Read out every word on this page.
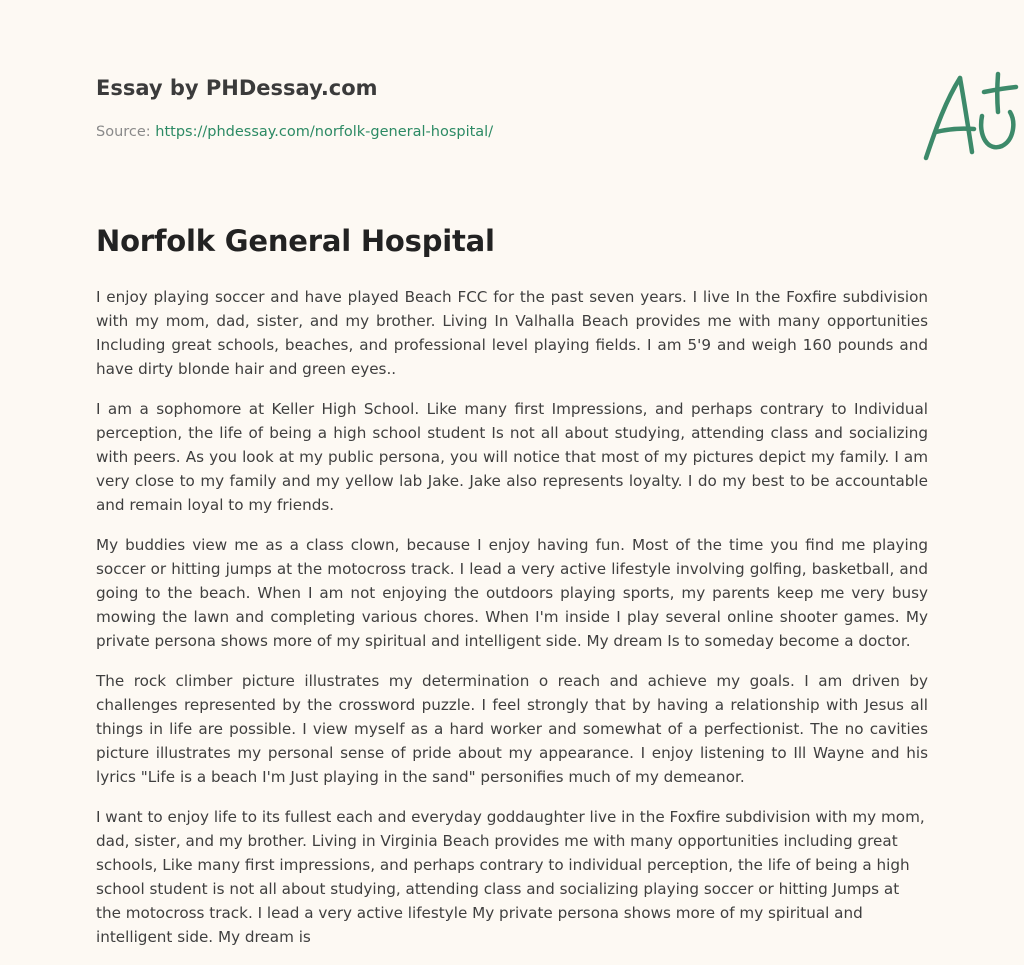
Essay by PHDessay.com
Source: https://phdessay.com/norfolk-general-hospital/
Norfolk General Hospital

I enjoy playing soccer and have played Beach FCC for the past seven years. I live In the Foxfire subdivision with my mom, dad, sister, and my brother. Living In Valhalla Beach provides me with many opportunities Including great schools, beaches, and professional level playing fields. I am 5'9 and weigh 160 pounds and have dirty blonde hair and green eyes..

I am a sophomore at Keller High School. Like many first Impressions, and perhaps contrary to Individual perception, the life of being a high school student Is not all about studying, attending class and socializing with peers. As you look at my public persona, you will notice that most of my pictures depict my family. I am very close to my family and my yellow lab Jake. Jake also represents loyalty. I do my best to be accountable and remain loyal to my friends.

My buddies view me as a class clown, because I enjoy having fun. Most of the time you find me playing soccer or hitting jumps at the motocross track. I lead a very active lifestyle involving golfing, basketball, and going to the beach. When I am not enjoying the outdoors playing sports, my parents keep me very busy mowing the lawn and completing various chores. When I'm inside I play several online shooter games. My private persona shows more of my spiritual and intelligent side. My dream Is to someday become a doctor.

The rock climber picture illustrates my determination o reach and achieve my goals. I am driven by challenges represented by the crossword puzzle. I feel strongly that by having a relationship with Jesus all things in life are possible. I view myself as a hard worker and somewhat of a perfectionist. The no cavities picture illustrates my personal sense of pride about my appearance. I enjoy listening to Ill Wayne and his lyrics "Life is a beach I'm Just playing in the sand" personifies much of my demeanor.

I want to enjoy life to its fullest each and everyday goddaughter live in the Foxfire subdivision with my mom, dad, sister, and my brother. Living in Virginia Beach provides me with many opportunities including great schools, Like many first impressions, and perhaps contrary to individual perception, the life of being a high school student is not all about studying, attending class and socializing playing soccer or hitting Jumps at the motocross track. I lead a very active lifestyle My private persona shows more of my spiritual and intelligent side. My dream is
